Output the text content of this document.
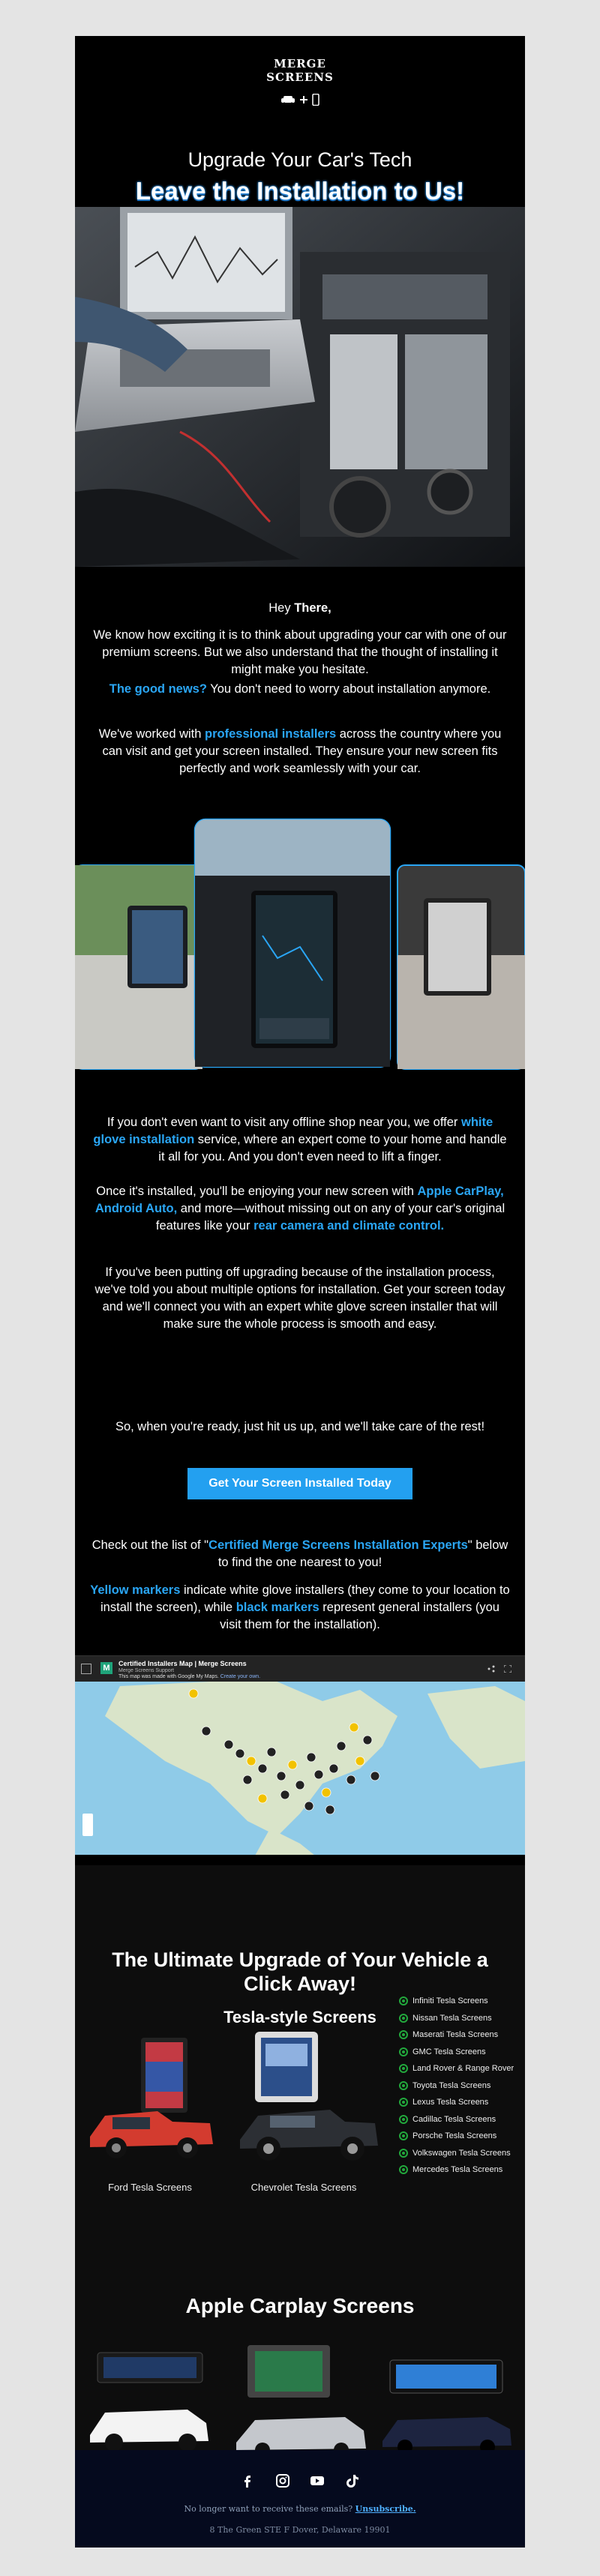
MERGE
SCREENS
Upgrade Your Car's Tech
Leave the Installation to Us!
Hey There,
We know how exciting it is to think about upgrading your car with one of our premium screens. But we also understand that the thought of installing it might make you hesitate.
The good news? You don't need to worry about installation anymore.
We've worked with professional installers across the country where you can visit and get your screen installed. They ensure your new screen fits perfectly and work seamlessly with your car.
If you don't even want to visit any offline shop near you, we offer white glove installation service, where an expert come to your home and handle it all for you. And you don't even need to lift a finger.
Once it's installed, you'll be enjoying your new screen with Apple CarPlay, Android Auto, and more—without missing out on any of your car's original features like your rear camera and climate control.
If you've been putting off upgrading because of the installation process, we've told you about multiple options for installation. Get your screen today and we'll connect you with an expert white glove screen installer that will make sure the whole process is smooth and easy.
So, when you're ready, just hit us up, and we'll take care of the rest!
Get Your Screen Installed Today
Check out the list of "Certified Merge Screens Installation Experts" below to find the one nearest to you!
Yellow markers indicate white glove installers (they come to your location to install the screen), while black markers represent general installers (you visit them for the installation).
M	Certified Installers Map | Merge Screens
Merge Screens Support
This map was made with Google My Maps. Create your own.
The Ultimate Upgrade of Your Vehicle a Click Away!
Tesla-style Screens
Ford Tesla Screens	Chevrolet Tesla Screens
Infiniti Tesla Screens
Nissan Tesla Screens
Maserati Tesla Screens
GMC Tesla Screens
Land Rover & Range Rover
Toyota Tesla Screens
Lexus Tesla Screens
Cadillac Tesla Screens
Porsche Tesla Screens
Volkswagen Tesla Screens
Mercedes Tesla Screens
Apple Carplay Screens

No longer want to receive these emails? Unsubscribe.
8 The Green STE F Dover, Delaware 19901
